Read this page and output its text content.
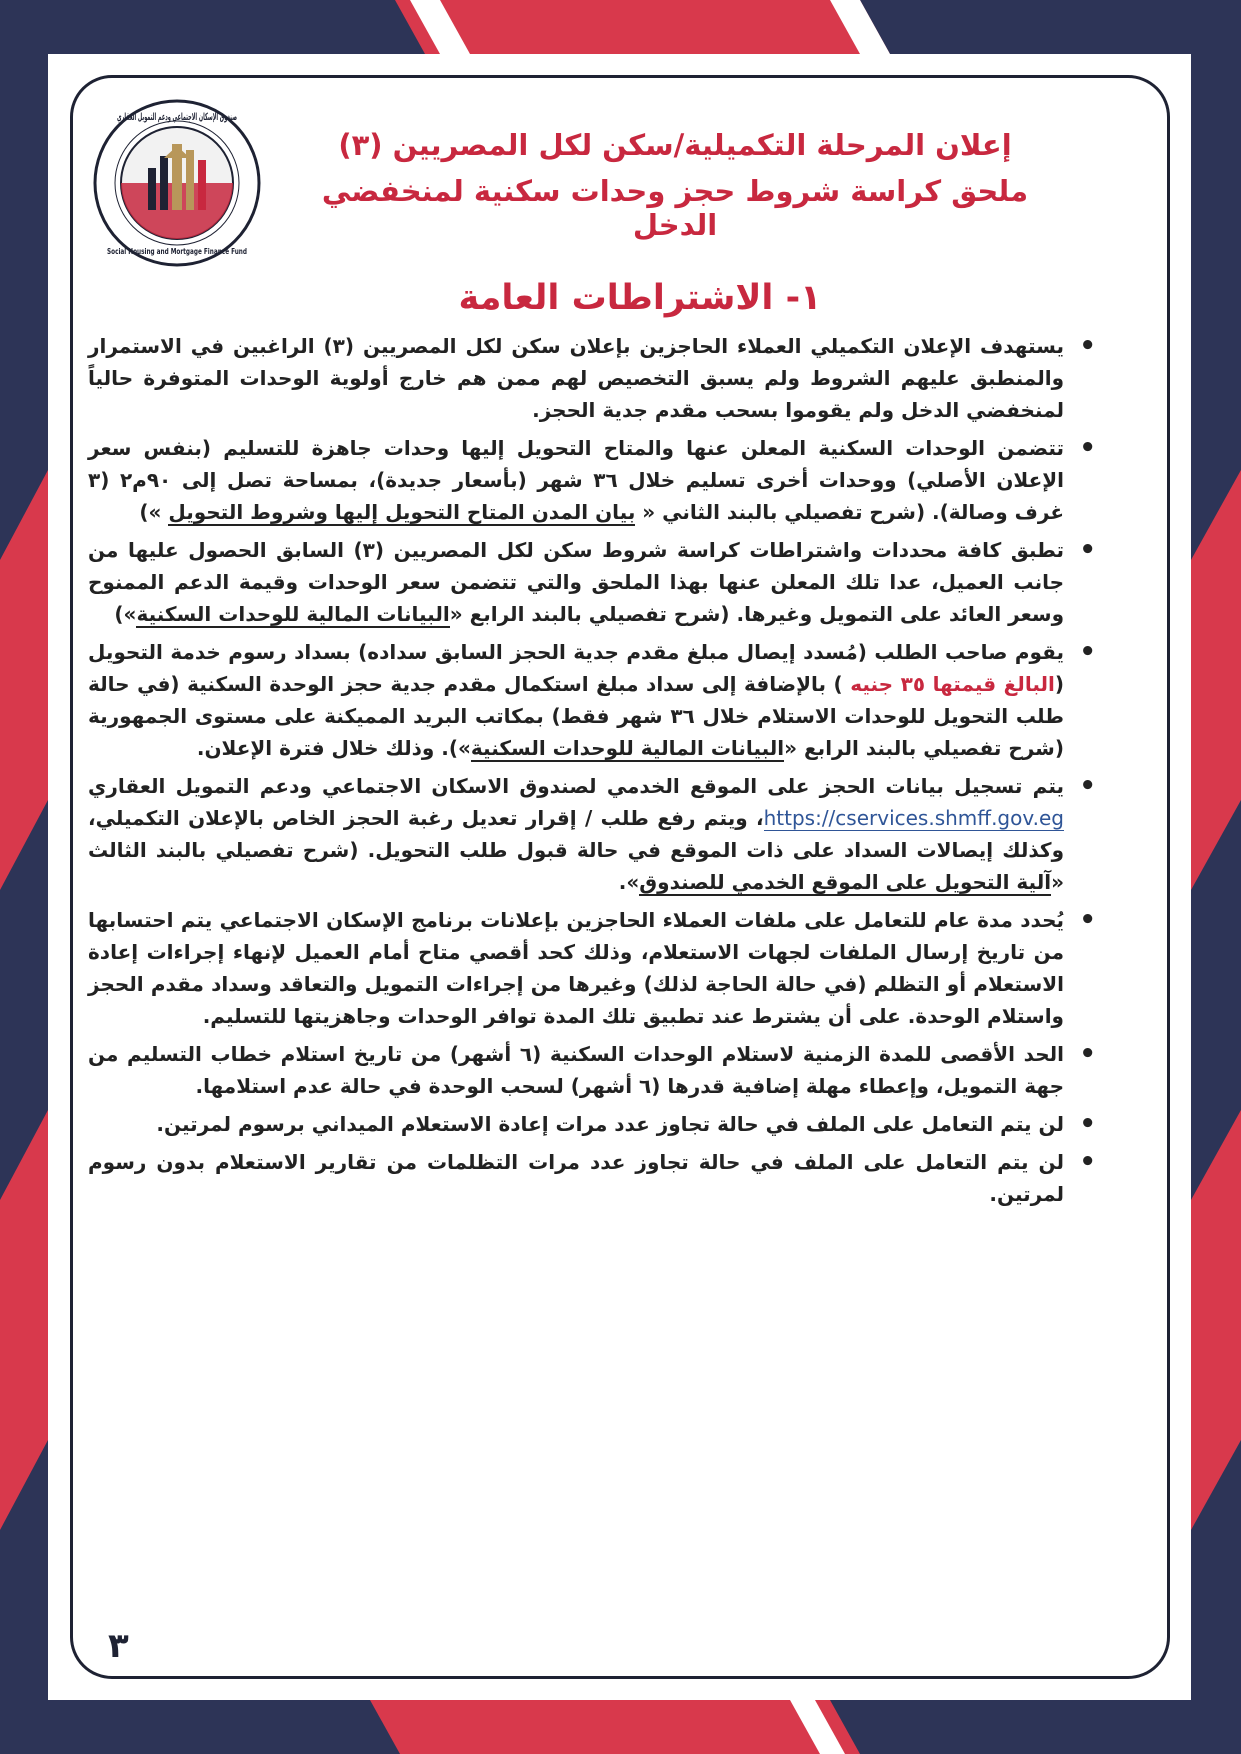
صندوق الإسكان الاجتماعي ودعم التمويل العقاري
Social Housing and Mortgage Finance Fund
إعلان المرحلة التكميلية/سكن لكل المصريين (٣)
ملحق كراسة شروط حجز وحدات سكنية لمنخفضي الدخل
١- الاشتراطات العامة
• يستهدف الإعلان التكميلي العملاء الحاجزين بإعلان سكن لكل المصريين (٣) الراغبين في الاستمرار والمنطبق عليهم الشروط ولم يسبق التخصيص لهم ممن هم خارج أولوية الوحدات المتوفرة حالياً لمنخفضي الدخل ولم يقوموا بسحب مقدم جدية الحجز.
• تتضمن الوحدات السكنية المعلن عنها والمتاح التحويل إليها وحدات جاهزة للتسليم (بنفس سعر الإعلان الأصلي) ووحدات أخرى تسليم خلال ٣٦ شهر (بأسعار جديدة)، بمساحة تصل إلى ٩٠م٢ (٣ غرف وصالة). (شرح تفصيلي بالبند الثاني « بيان المدن المتاح التحويل إليها وشروط التحويل »)
• تطبق كافة محددات واشتراطات كراسة شروط سكن لكل المصريين (٣) السابق الحصول عليها من جانب العميل، عدا تلك المعلن عنها بهذا الملحق والتي تتضمن سعر الوحدات وقيمة الدعم الممنوح وسعر العائد على التمويل وغيرها. (شرح تفصيلي بالبند الرابع «البيانات المالية للوحدات السكنية»)
• يقوم صاحب الطلب (مُسدد إيصال مبلغ مقدم جدية الحجز السابق سداده) بسداد رسوم خدمة التحويل (البالغ قيمتها ٣٥ جنيه ) بالإضافة إلى سداد مبلغ استكمال مقدم جدية حجز الوحدة السكنية (في حالة طلب التحويل للوحدات الاستلام خلال ٣٦ شهر فقط) بمكاتب البريد المميكنة على مستوى الجمهورية (شرح تفصيلي بالبند الرابع «البيانات المالية للوحدات السكنية»). وذلك خلال فترة الإعلان.
• يتم تسجيل بيانات الحجز على الموقع الخدمي لصندوق الاسكان الاجتماعي ودعم التمويل العقاري https://cservices.shmff.gov.eg، ويتم رفع طلب / إقرار تعديل رغبة الحجز الخاص بالإعلان التكميلي، وكذلك إيصالات السداد على ذات الموقع في حالة قبول طلب التحويل. (شرح تفصيلي بالبند الثالث «آلية التحويل على الموقع الخدمي للصندوق».
• يُحدد مدة عام للتعامل على ملفات العملاء الحاجزين بإعلانات برنامج الإسكان الاجتماعي يتم احتسابها من تاريخ إرسال الملفات لجهات الاستعلام، وذلك كحد أقصي متاح أمام العميل لإنهاء إجراءات إعادة الاستعلام أو التظلم (في حالة الحاجة لذلك) وغيرها من إجراءات التمويل والتعاقد وسداد مقدم الحجز واستلام الوحدة. على أن يشترط عند تطبيق تلك المدة توافر الوحدات وجاهزيتها للتسليم.
• الحد الأقصى للمدة الزمنية لاستلام الوحدات السكنية (٦ أشهر) من تاريخ استلام خطاب التسليم من جهة التمويل، وإعطاء مهلة إضافية قدرها (٦ أشهر) لسحب الوحدة في حالة عدم استلامها.
• لن يتم التعامل على الملف في حالة تجاوز عدد مرات إعادة الاستعلام الميداني برسوم لمرتين.
• لن يتم التعامل على الملف في حالة تجاوز عدد مرات التظلمات من تقارير الاستعلام بدون رسوم لمرتين.
٣
